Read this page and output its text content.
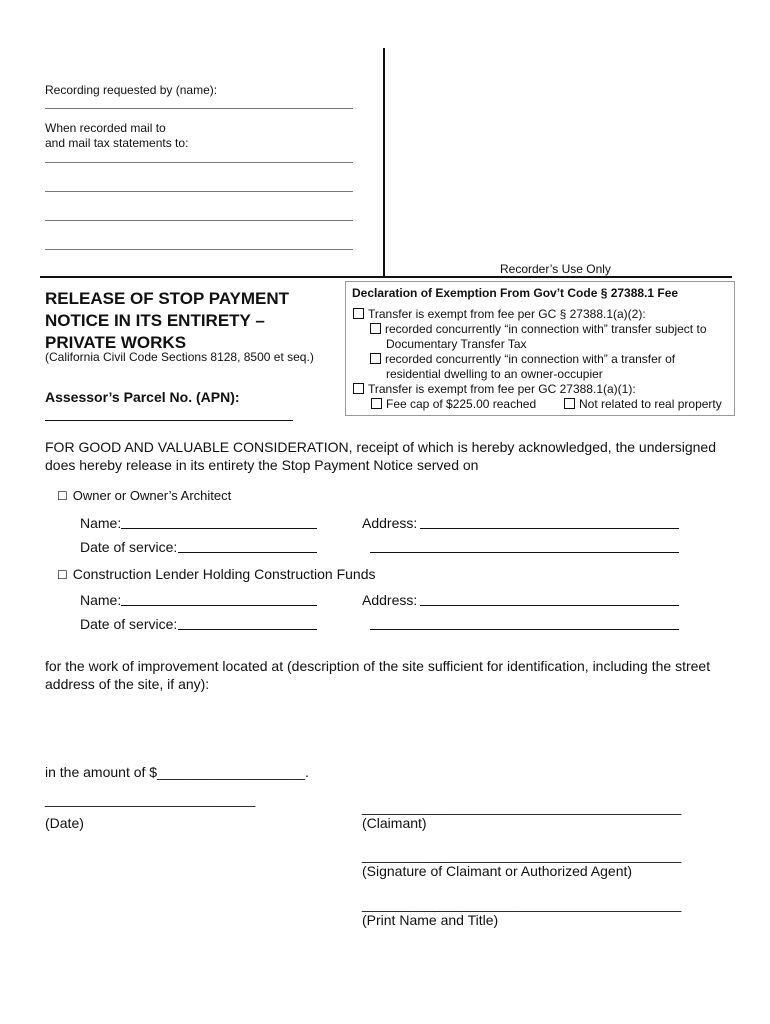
Recording requested by (name):
When recorded mail to
and mail tax statements to:
Recorder’s Use Only
RELEASE OF STOP PAYMENT
NOTICE IN ITS ENTIRETY –
PRIVATE WORKS
(California Civil Code Sections 8128, 8500 et seq.)
Assessor’s Parcel No. (APN):
Declaration of Exemption From Gov’t Code § 27388.1 Fee
Transfer is exempt from fee per GC § 27388.1(a)(2):
recorded concurrently “in connection with” transfer subject to
Documentary Transfer Tax
recorded concurrently “in connection with” a transfer of
residential dwelling to an owner-occupier
Transfer is exempt from fee per GC 27388.1(a)(1):
Fee cap of $225.00 reached	Not related to real property
FOR GOOD AND VALUABLE CONSIDERATION, receipt of which is hereby acknowledged, the undersigned
does hereby release in its entirety the Stop Payment Notice served on
☐ Owner or Owner’s Architect
Name:	Address:
Date of service:
☐ Construction Lender Holding Construction Funds
Name:	Address:
Date of service:
for the work of improvement located at (description of the site sufficient for identification, including the street
address of the site, if any):
in the amount of $___________________.
___________________________
(Date)
_________________________________________
(Claimant)
_________________________________________
(Signature of Claimant or Authorized Agent)
_________________________________________
(Print Name and Title)
